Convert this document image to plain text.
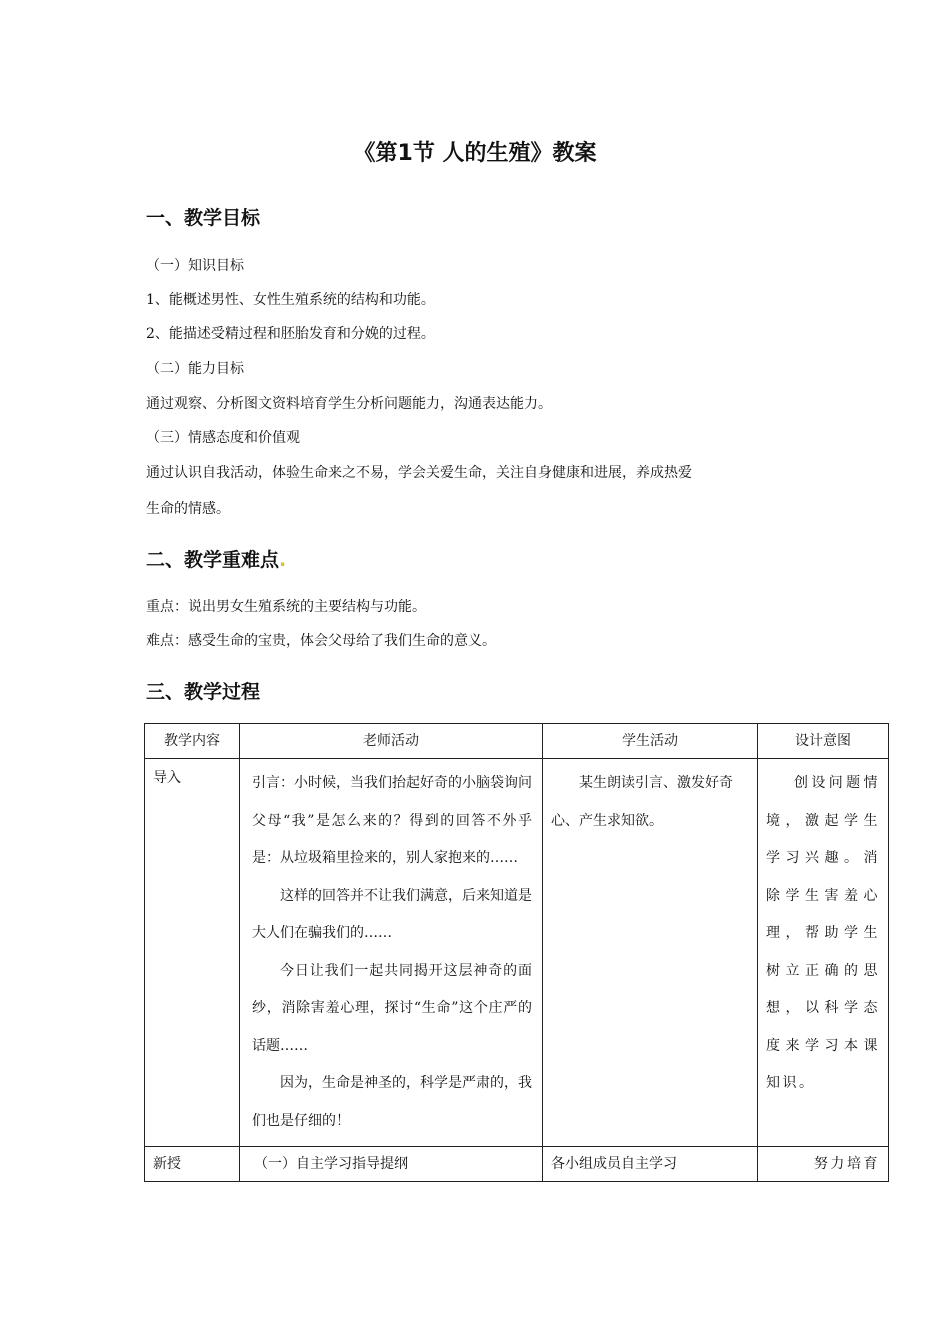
《第1节 人的生殖》教案
一、教学目标
（一）知识目标
1、能概述男性、女性生殖系统的结构和功能。
2、能描述受精过程和胚胎发育和分娩的过程。
（二）能力目标
通过观察、分析图文资料培育学生分析问题能力，沟通表达能力。
（三）情感态度和价值观
通过认识自我活动，体验生命来之不易，学会关爱生命，关注自身健康和进展，养成热爱
生命的情感。
二、教学重难点.
重点：说出男女生殖系统的主要结构与功能。
难点：感受生命的宝贵，体会父母给了我们生命的意义。
三、教学过程
教学内容	老师活动	学生活动	设计意图
导入	引言：小时候，当我们抬起好奇的小脑袋询问父母“我”是怎么来的？得到的回答不外乎是：从垃圾箱里捡来的，别人家抱来的……
这样的回答并不让我们满意，后来知道是大人们在骗我们的……
今日让我们一起共同揭开这层神奇的面纱，消除害羞心理，探讨“生命”这个庄严的话题……
因为，生命是神圣的，科学是严肃的，我们也是仔细的！	某生朗读引言、激发好奇心、产生求知欲。	创设问题情境，激起学生学习兴趣。消除学生害羞心理，帮助学生树立正确的思想，以科学态度来学习本课知识。

新授	（一）自主学习指导提纲	各小组成员自主学习	努力培育
